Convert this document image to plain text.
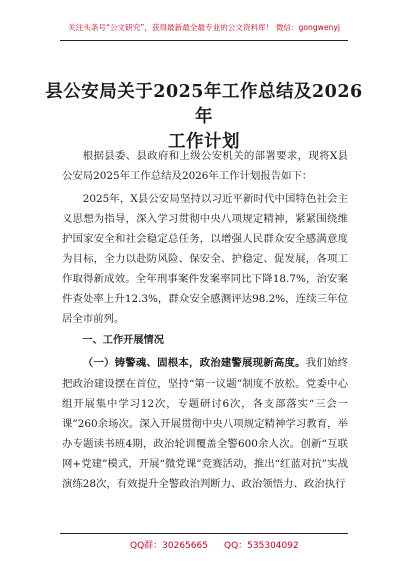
关注头条号“公文研究”，获得最新最全最专业的公文资料库！ 微信：gongwenyj
县公安局关于2025年工作总结及2026年
工作计划

根据县委、县政府和上级公安机关的部署要求，现将X县公安局2025年工作总结及2026年工作计划报告如下：

2025年，X县公安局坚持以习近平新时代中国特色社会主义思想为指导，深入学习贯彻中央八项规定精神，紧紧围绕维护国家安全和社会稳定总任务，以增强人民群众安全感满意度为目标，全力以赴防风险、保安全、护稳定、促发展，各项工作取得新成效。全年刑事案件发案率同比下降18.7%，治安案件查处率上升12.3%，群众安全感测评达98.2%，连续三年位居全市前列。

一、工作开展情况

（一）铸警魂、固根本，政治建警展现新高度。我们始终把政治建设摆在首位，坚持“第一议题”制度不放松。党委中心组开展集中学习12次，专题研讨6次，各支部落实“三会一课”260余场次。深入开展贯彻中央八项规定精神学习教育，举办专题读书班4期，政治轮训覆盖全警600余人次。创新“互联网+党建”模式，开展“微党课”竞赛活动，推出“红蓝对抗”实战演练28次，有效提升全警政治判断力、政治领悟力、政治执行

QQ群：30265665 QQ：535304092
